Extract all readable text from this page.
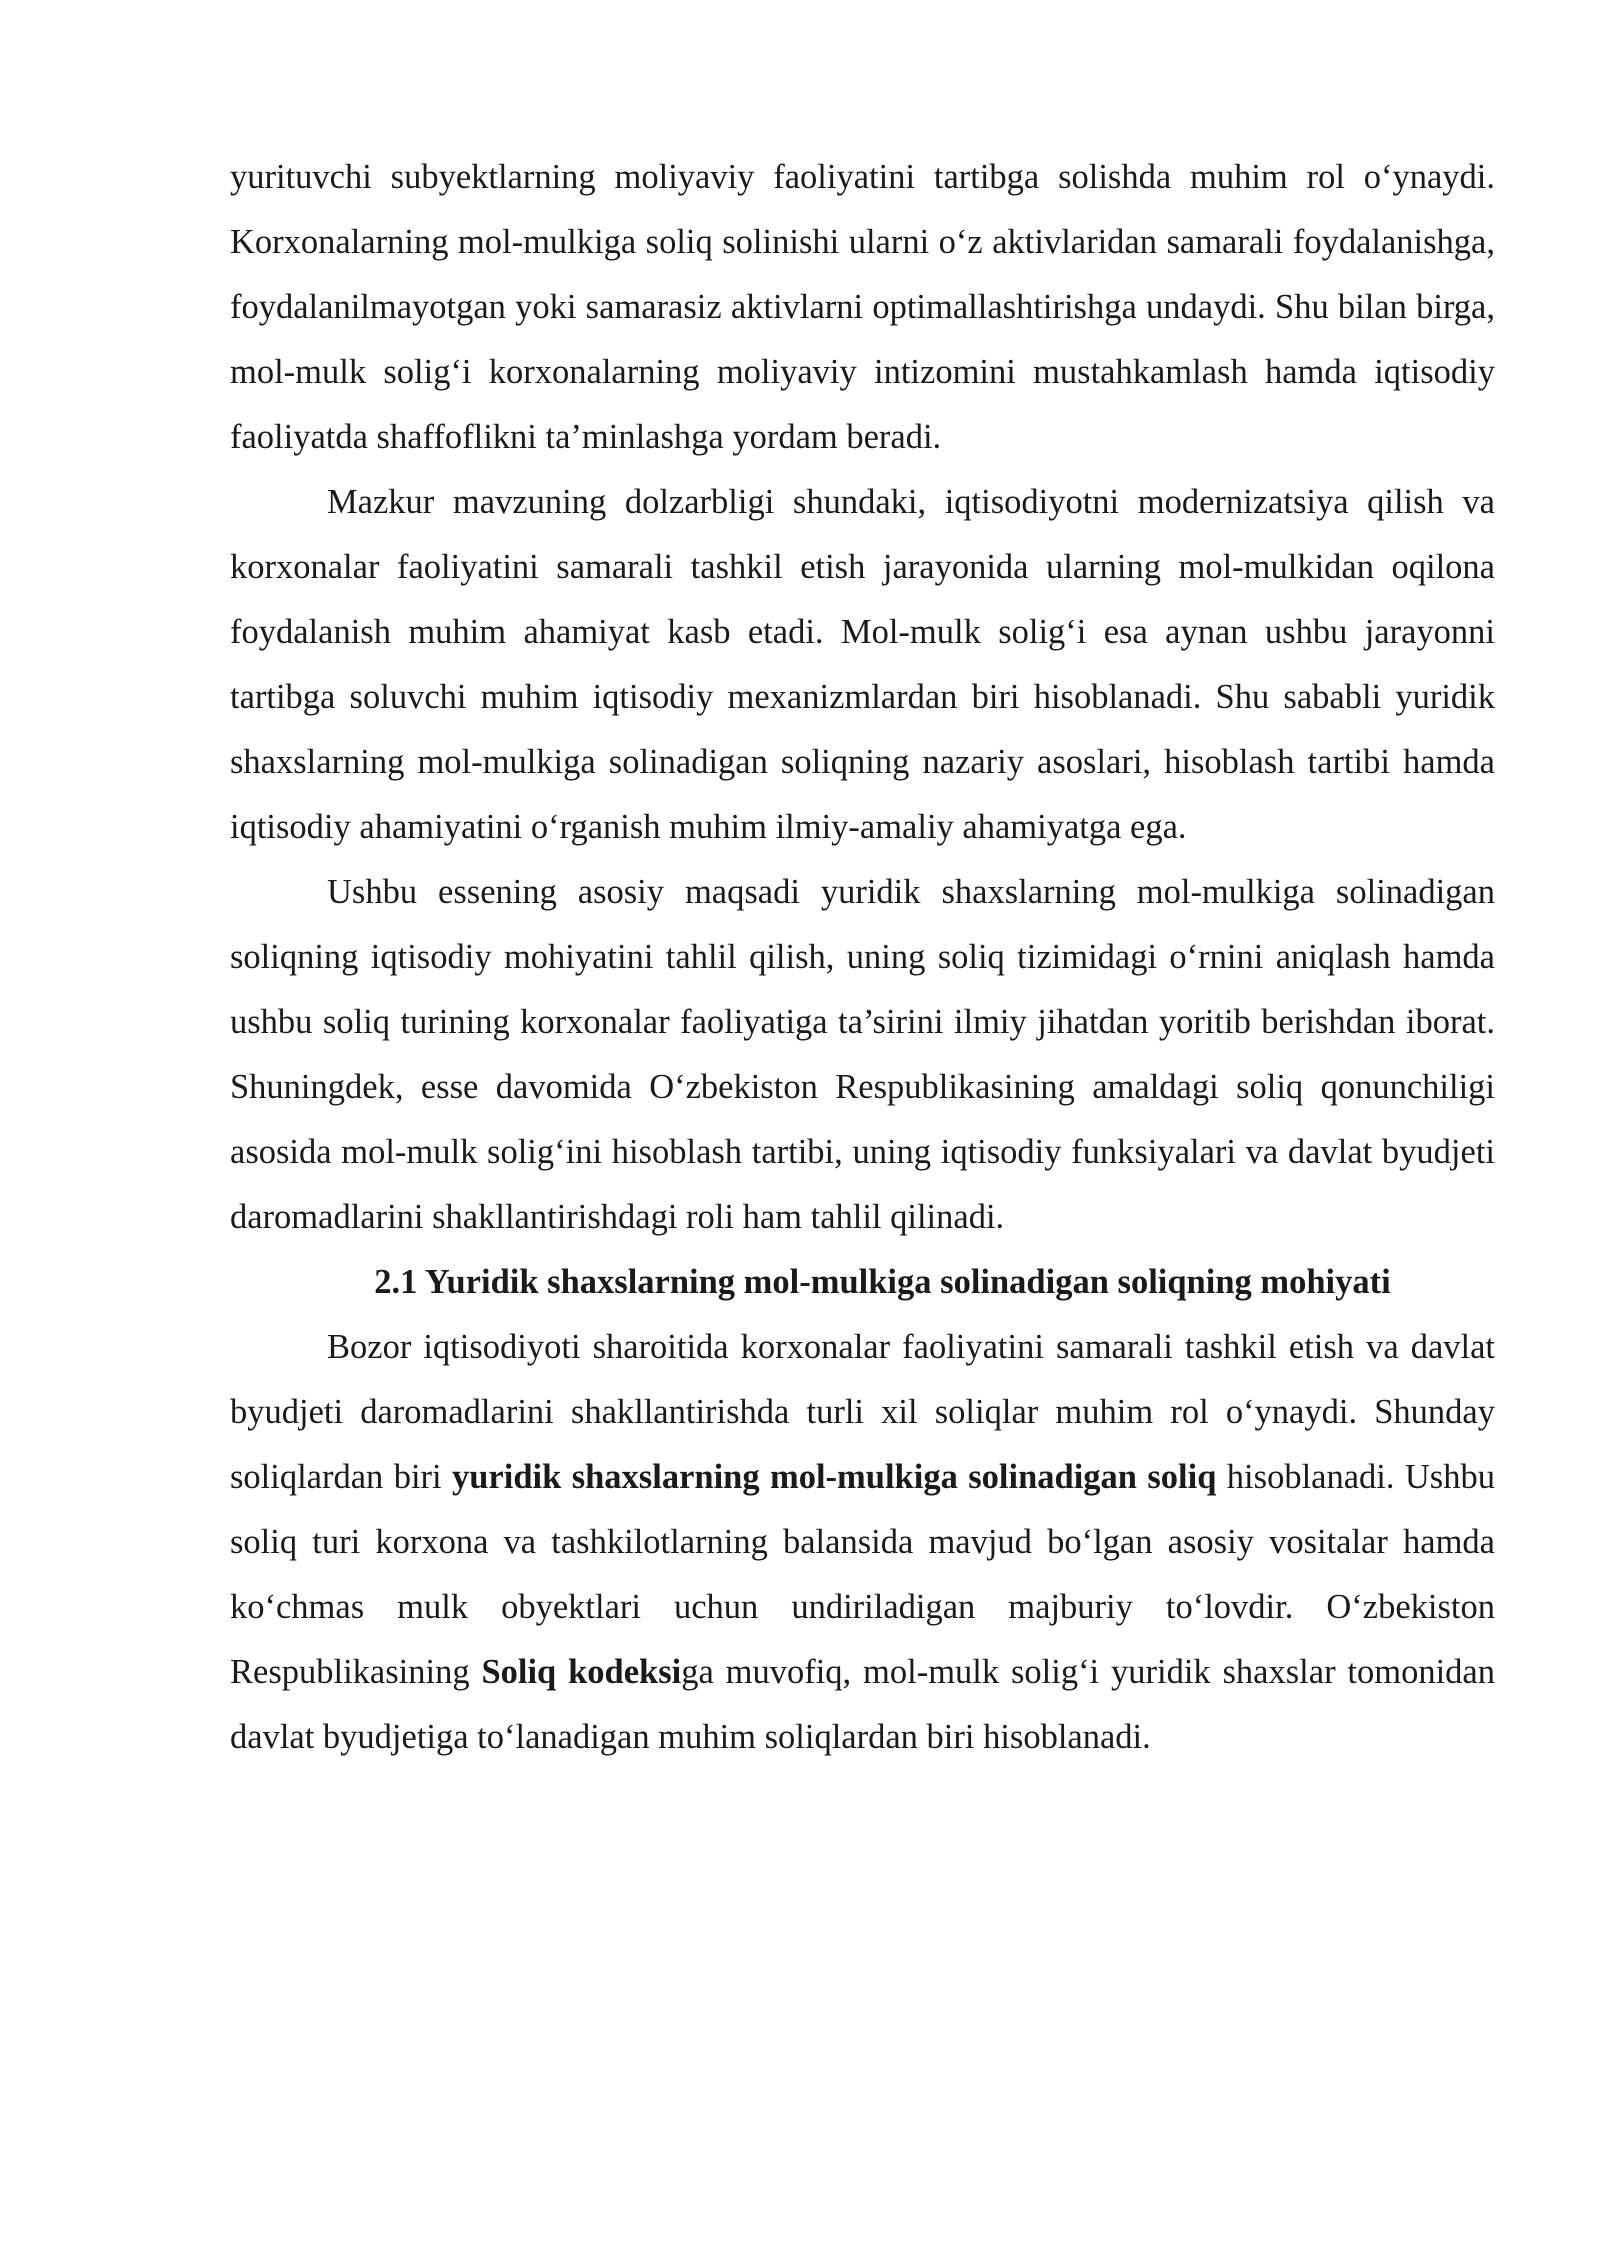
yurituvchi subyektlarning moliyaviy faoliyatini tartibga solishda muhim rol o‘ynaydi. Korxonalarning mol-mulkiga soliq solinishi ularni o‘z aktivlaridan samarali foydalanishga, foydalanilmayotgan yoki samarasiz aktivlarni optimallashtirishga undaydi. Shu bilan birga, mol-mulk solig‘i korxonalarning moliyaviy intizomini mustahkamlash hamda iqtisodiy faoliyatda shaffoflikni ta’minlashga yordam beradi.

Mazkur mavzuning dolzarbligi shundaki, iqtisodiyotni modernizatsiya qilish va korxonalar faoliyatini samarali tashkil etish jarayonida ularning mol-mulkidan oqilona foydalanish muhim ahamiyat kasb etadi. Mol-mulk solig‘i esa aynan ushbu jarayonni tartibga soluvchi muhim iqtisodiy mexanizmlardan biri hisoblanadi. Shu sababli yuridik shaxslarning mol-mulkiga solinadigan soliqning nazariy asoslari, hisoblash tartibi hamda iqtisodiy ahamiyatini o‘rganish muhim ilmiy-amaliy ahamiyatga ega.

Ushbu essening asosiy maqsadi yuridik shaxslarning mol-mulkiga solinadigan soliqning iqtisodiy mohiyatini tahlil qilish, uning soliq tizimidagi o‘rnini aniqlash hamda ushbu soliq turining korxonalar faoliyatiga ta’sirini ilmiy jihatdan yoritib berishdan iborat. Shuningdek, esse davomida O‘zbekiston Respublikasining amaldagi soliq qonunchiligi asosida mol-mulk solig‘ini hisoblash tartibi, uning iqtisodiy funksiyalari va davlat byudjeti daromadlarini shakllantirishdagi roli ham tahlil qilinadi.

2.1 Yuridik shaxslarning mol-mulkiga solinadigan soliqning mohiyati

Bozor iqtisodiyoti sharoitida korxonalar faoliyatini samarali tashkil etish va davlat byudjeti daromadlarini shakllantirishda turli xil soliqlar muhim rol o‘ynaydi. Shunday soliqlardan biri yuridik shaxslarning mol-mulkiga solinadigan soliq hisoblanadi. Ushbu soliq turi korxona va tashkilotlarning balansida mavjud bo‘lgan asosiy vositalar hamda ko‘chmas mulk obyektlari uchun undiriladigan majburiy to‘lovdir. O‘zbekiston Respublikasining Soliq kodeksiga muvofiq, mol-mulk solig‘i yuridik shaxslar tomonidan davlat byudjetiga to‘lanadigan muhim soliqlardan biri hisoblanadi.
